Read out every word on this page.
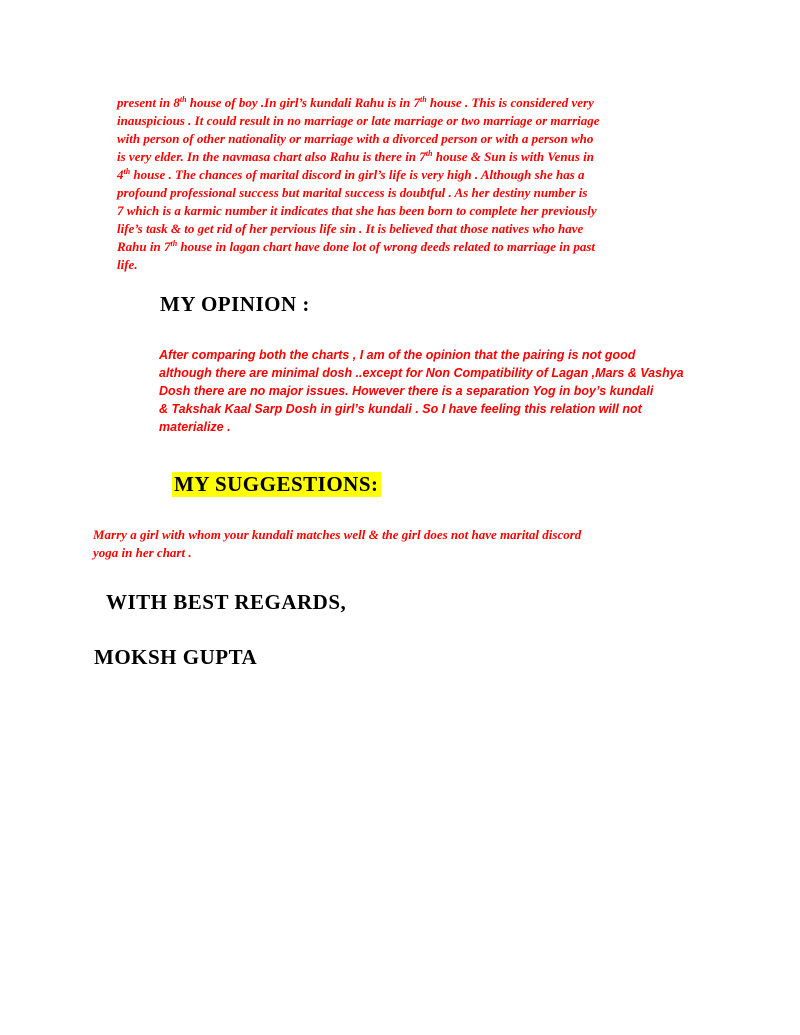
present in 8th house of boy .In girl’s kundali Rahu is in 7th house . This is considered very
inauspicious . It could result in no marriage or late marriage or two marriage or marriage
with person of other nationality or marriage with a divorced person or with a person who
is very elder. In the navmasa chart also Rahu is there in 7th house & Sun is with Venus in
4th house . The chances of marital discord in girl’s life is very high . Although she has a
profound professional success but marital success is doubtful . As her destiny number is
7 which is a karmic number it indicates that she has been born to complete her previously
life’s task & to get rid of her pervious life sin . It is believed that those natives who have
Rahu in 7th house in lagan chart have done lot of wrong deeds related to marriage in past
life.
MY OPINION :
After comparing both the charts , I am of the opinion that the pairing is not good
although there are minimal dosh ..except for Non Compatibility of Lagan ,Mars & Vashya
Dosh there are no major issues. However there is a separation Yog in boy’s kundali
& Takshak Kaal Sarp Dosh in girl’s kundali . So I have feeling this relation will not
materialize .
MY SUGGESTIONS:
Marry a girl with whom your kundali matches well & the girl does not have marital discord
yoga in her chart .
WITH BEST REGARDS,
MOKSH GUPTA
